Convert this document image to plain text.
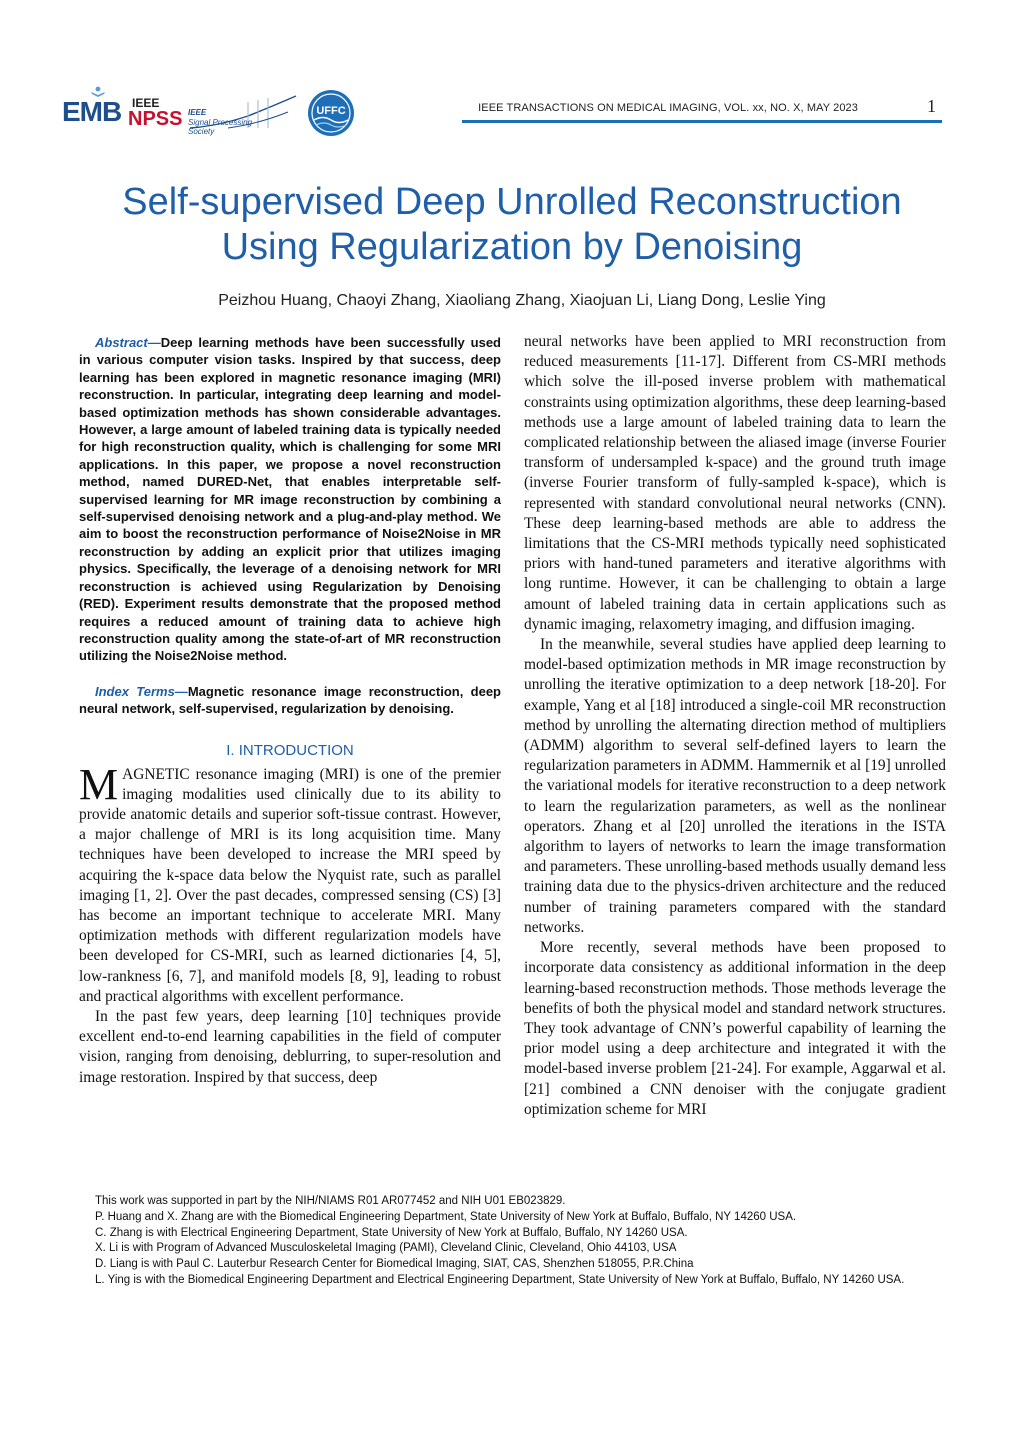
EMB IEEE
NPSS IEEE
Signal Processing Society
UFFC	IEEE TRANSACTIONS ON MEDICAL IMAGING, VOL. xx, NO. X, MAY 2023	1
Self-supervised Deep Unrolled Reconstruction
Using Regularization by Denoising
Peizhou Huang, Chaoyi Zhang, Xiaoliang Zhang, Xiaojuan Li, Liang Dong, Leslie Ying

Abstract—Deep learning methods have been successfully used in various computer vision tasks. Inspired by that success, deep learning has been explored in magnetic resonance imaging (MRI) reconstruction. In particular, integrating deep learning and model-based optimization methods has shown considerable advantages. However, a large amount of labeled training data is typically needed for high reconstruction quality, which is challenging for some MRI applications. In this paper, we propose a novel reconstruction method, named DURED-Net, that enables interpretable self-supervised learning for MR image reconstruction by combining a self-supervised denoising network and a plug-and-play method. We aim to boost the reconstruction performance of Noise2Noise in MR reconstruction by adding an explicit prior that utilizes imaging physics. Specifically, the leverage of a denoising network for MRI reconstruction is achieved using Regularization by Denoising (RED). Experiment results demonstrate that the proposed method requires a reduced amount of training data to achieve high reconstruction quality among the state-of-art of MR reconstruction utilizing the Noise2Noise method.

Index Terms—Magnetic resonance image reconstruction, deep neural network, self-supervised, regularization by denoising.

I. INTRODUCTION

MAGNETIC resonance imaging (MRI) is one of the premier imaging modalities used clinically due to its ability to provide anatomic details and superior soft-tissue contrast. However, a major challenge of MRI is its long acquisition time. Many techniques have been developed to increase the MRI speed by acquiring the k-space data below the Nyquist rate, such as parallel imaging [1, 2]. Over the past decades, compressed sensing (CS) [3] has become an important technique to accelerate MRI. Many optimization methods with different regularization models have been developed for CS-MRI, such as learned dictionaries [4, 5], low-rankness [6, 7], and manifold models [8, 9], leading to robust and practical algorithms with excellent performance.

In the past few years, deep learning [10] techniques provide excellent end-to-end learning capabilities in the field of computer vision, ranging from denoising, deblurring, to super-resolution and image restoration. Inspired by that success, deep

neural networks have been applied to MRI reconstruction from reduced measurements [11-17]. Different from CS-MRI methods which solve the ill-posed inverse problem with mathematical constraints using optimization algorithms, these deep learning-based methods use a large amount of labeled training data to learn the complicated relationship between the aliased image (inverse Fourier transform of undersampled k-space) and the ground truth image (inverse Fourier transform of fully-sampled k-space), which is represented with standard convolutional neural networks (CNN). These deep learning-based methods are able to address the limitations that the CS-MRI methods typically need sophisticated priors with hand-tuned parameters and iterative algorithms with long runtime. However, it can be challenging to obtain a large amount of labeled training data in certain applications such as dynamic imaging, relaxometry imaging, and diffusion imaging.

In the meanwhile, several studies have applied deep learning to model-based optimization methods in MR image reconstruction by unrolling the iterative optimization to a deep network [18-20]. For example, Yang et al [18] introduced a single-coil MR reconstruction method by unrolling the alternating direction method of multipliers (ADMM) algorithm to several self-defined layers to learn the regularization parameters in ADMM. Hammernik et al [19] unrolled the variational models for iterative reconstruction to a deep network to learn the regularization parameters, as well as the nonlinear operators. Zhang et al [20] unrolled the iterations in the ISTA algorithm to layers of networks to learn the image transformation and parameters. These unrolling-based methods usually demand less training data due to the physics-driven architecture and the reduced number of training parameters compared with the standard networks.

More recently, several methods have been proposed to incorporate data consistency as additional information in the deep learning-based reconstruction methods. Those methods leverage the benefits of both the physical model and standard network structures. They took advantage of CNN’s powerful capability of learning the prior model using a deep architecture and integrated it with the model-based inverse problem [21-24]. For example, Aggarwal et al. [21] combined a CNN denoiser with the conjugate gradient optimization scheme for MRI

This work was supported in part by the NIH/NIAMS R01 AR077452 and NIH U01 EB023829.

P. Huang and X. Zhang are with the Biomedical Engineering Department, State University of New York at Buffalo, Buffalo, NY 14260 USA.

C. Zhang is with Electrical Engineering Department, State University of New York at Buffalo, Buffalo, NY 14260 USA.

X. Li is with Program of Advanced Musculoskeletal Imaging (PAMI), Cleveland Clinic, Cleveland, Ohio 44103, USA

D. Liang is with Paul C. Lauterbur Research Center for Biomedical Imaging, SIAT, CAS, Shenzhen 518055, P.R.China

L. Ying is with the Biomedical Engineering Department and Electrical Engineering Department, State University of New York at Buffalo, Buffalo, NY 14260 USA.
